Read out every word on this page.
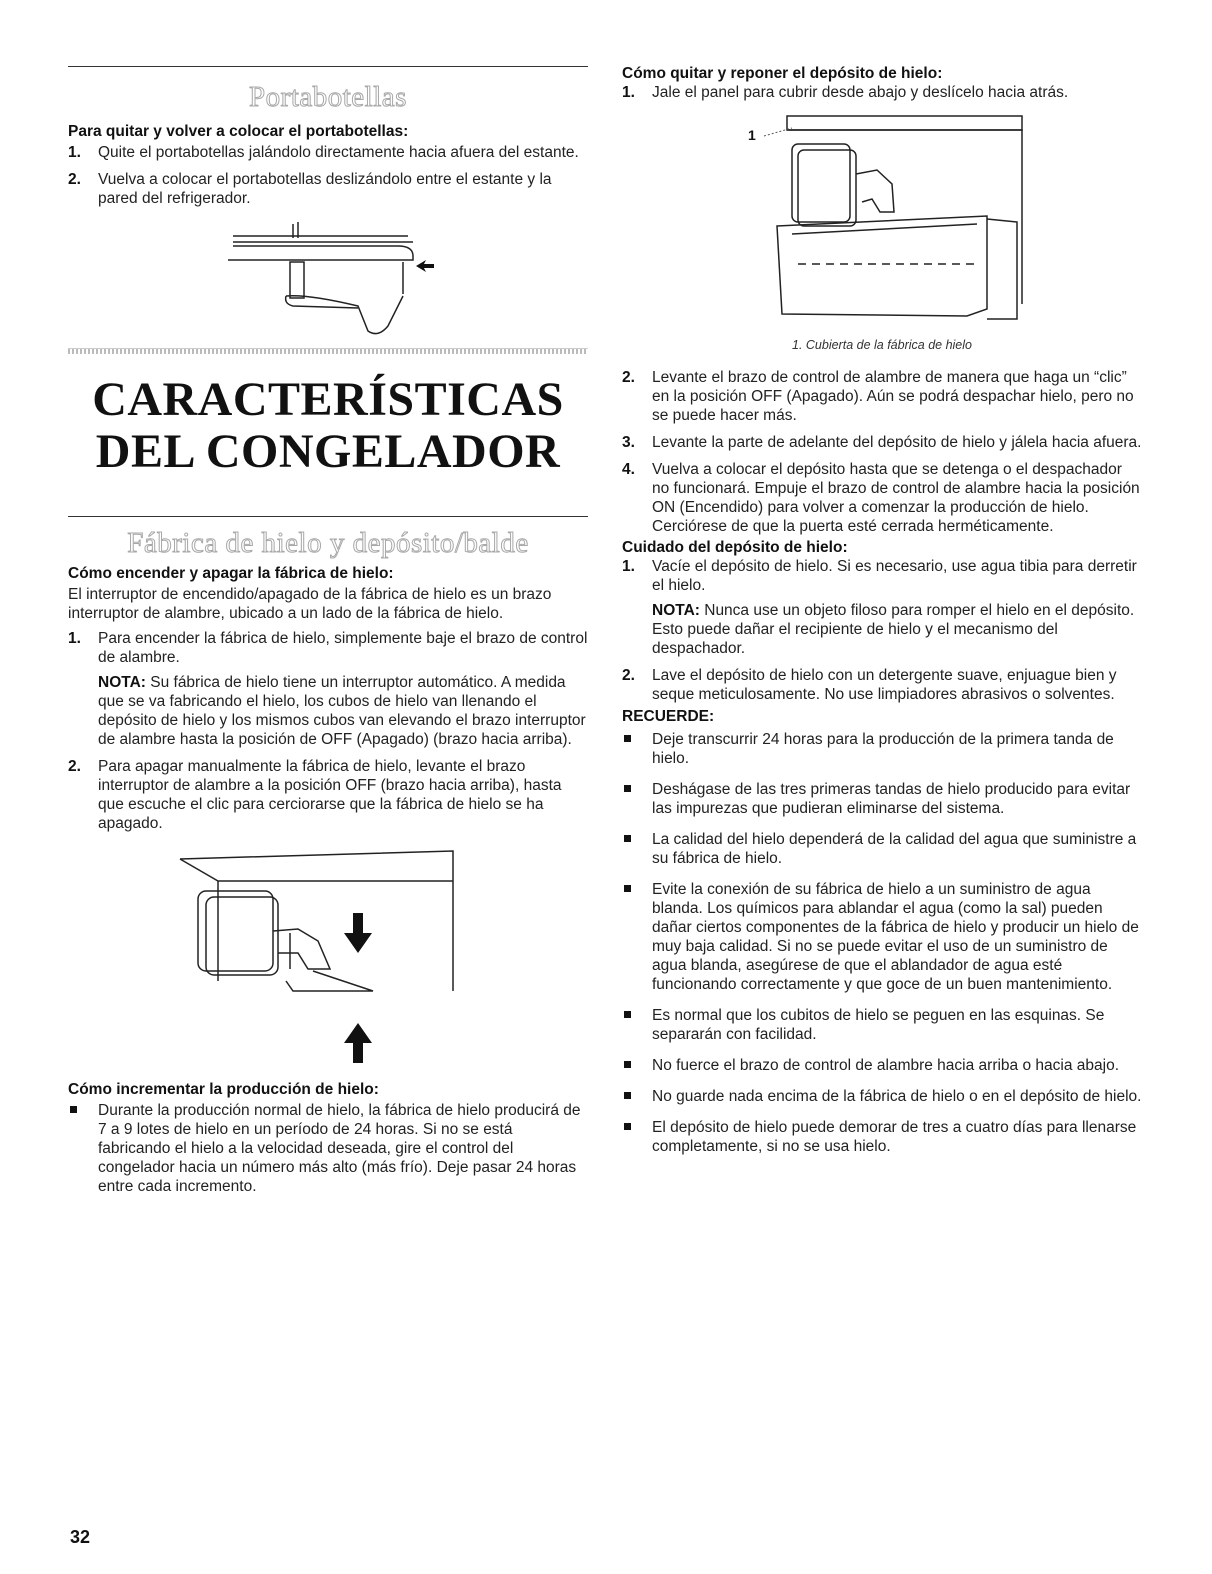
Portabotellas
Para quitar y volver a colocar el portabotellas:
1. Quite el portabotellas jalándolo directamente hacia afuera del estante.
2. Vuelva a colocar el portabotellas deslizándolo entre el estante y la pared del refrigerador.
CARACTERÍSTICAS
DEL CONGELADOR
Fábrica de hielo y depósito/balde
Cómo encender y apagar la fábrica de hielo:

El interruptor de encendido/apagado de la fábrica de hielo es un brazo interruptor de alambre, ubicado a un lado de la fábrica de hielo.

1. Para encender la fábrica de hielo, simplemente baje el brazo de control de alambre.

NOTA: Su fábrica de hielo tiene un interruptor automático. A medida que se va fabricando el hielo, los cubos de hielo van llenando el depósito de hielo y los mismos cubos van elevando el brazo interruptor de alambre hasta la posición de OFF (Apagado) (brazo hacia arriba).

2. Para apagar manualmente la fábrica de hielo, levante el brazo interruptor de alambre a la posición OFF (brazo hacia arriba), hasta que escuche el clic para cerciorarse que la fábrica de hielo se ha apagado.
Cómo incrementar la producción de hielo:
Durante la producción normal de hielo, la fábrica de hielo producirá de 7 a 9 lotes de hielo en un período de 24 horas. Si no se está fabricando el hielo a la velocidad deseada, gire el control del congelador hacia un número más alto (más frío). Deje pasar 24 horas entre cada incremento.
Cómo quitar y reponer el depósito de hielo:
1. Jale el panel para cubrir desde abajo y deslícelo hacia atrás.
1
1. Cubierta de la fábrica de hielo
2. Levante el brazo de control de alambre de manera que haga un “clic” en la posición OFF (Apagado). Aún se podrá despachar hielo, pero no se puede hacer más.
3. Levante la parte de adelante del depósito de hielo y jálela hacia afuera.
4. Vuelva a colocar el depósito hasta que se detenga o el despachador no funcionará. Empuje el brazo de control de alambre hacia la posición ON (Encendido) para volver a comenzar la producción de hielo. Cerciórese de que la puerta esté cerrada herméticamente.
Cuidado del depósito de hielo:
1. Vacíe el depósito de hielo. Si es necesario, use agua tibia para derretir el hielo.

NOTA: Nunca use un objeto filoso para romper el hielo en el depósito. Esto puede dañar el recipiente de hielo y el mecanismo del despachador.

2. Lave el depósito de hielo con un detergente suave, enjuague bien y seque meticulosamente. No use limpiadores abrasivos o solventes.
RECUERDE:
Deje transcurrir 24 horas para la producción de la primera tanda de hielo.
Deshágase de las tres primeras tandas de hielo producido para evitar las impurezas que pudieran eliminarse del sistema.
La calidad del hielo dependerá de la calidad del agua que suministre a su fábrica de hielo.
Evite la conexión de su fábrica de hielo a un suministro de agua blanda. Los químicos para ablandar el agua (como la sal) pueden dañar ciertos componentes de la fábrica de hielo y producir un hielo de muy baja calidad. Si no se puede evitar el uso de un suministro de agua blanda, asegúrese de que el ablandador de agua esté funcionando correctamente y que goce de un buen mantenimiento.
Es normal que los cubitos de hielo se peguen en las esquinas. Se separarán con facilidad.
No fuerce el brazo de control de alambre hacia arriba o hacia abajo.
No guarde nada encima de la fábrica de hielo o en el depósito de hielo.
El depósito de hielo puede demorar de tres a cuatro días para llenarse completamente, si no se usa hielo.
32
